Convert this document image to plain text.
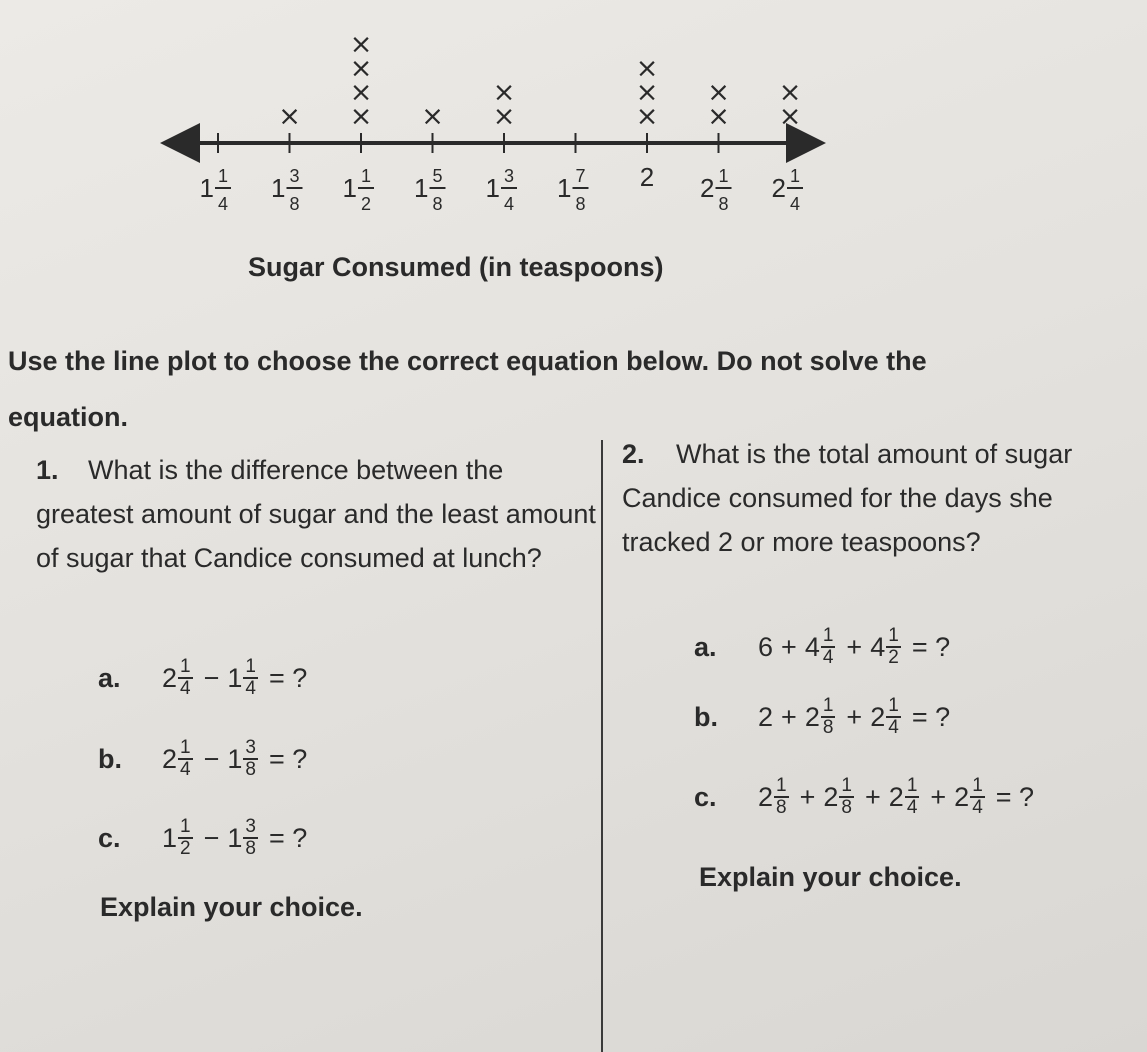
× ×
×
×
×
× ×
×
×
×
×
×
×
×
×
1 1
4
1 3
8
1 1
2
1 5
8
1 3
4
1 7
8
2 2 1
8
2 1
4
Sugar Consumed (in teaspoons)
Use the line plot to choose the correct equation below. Do not solve the equation.
1. What is the difference between the greatest amount of sugar and the least amount of sugar that Candice consumed at lunch?
2. What is the total amount of sugar Candice consumed for the days she tracked 2 or more teaspoons?
a.	$2 \frac{1}{4} - 1 \frac{1}{4}$ = ?
b.	$2 \frac{1}{4} - 1 \frac{3}{8}$ = ?
c.	$1 \frac{1}{2} - 1 \frac{3}{8}$ = ?
a.	$6 + 4 \frac{1}{4} + 4 \frac{1}{2}$ = ?
b.	$2 + 2 \frac{1}{8} + 2 \frac{1}{4}$ = ?
c.	$2 \frac{1}{8} + 2 \frac{1}{8} + 2 \frac{1}{4} + 2 \frac{1}{4}$ = ?
Explain your choice.
Explain your choice.
